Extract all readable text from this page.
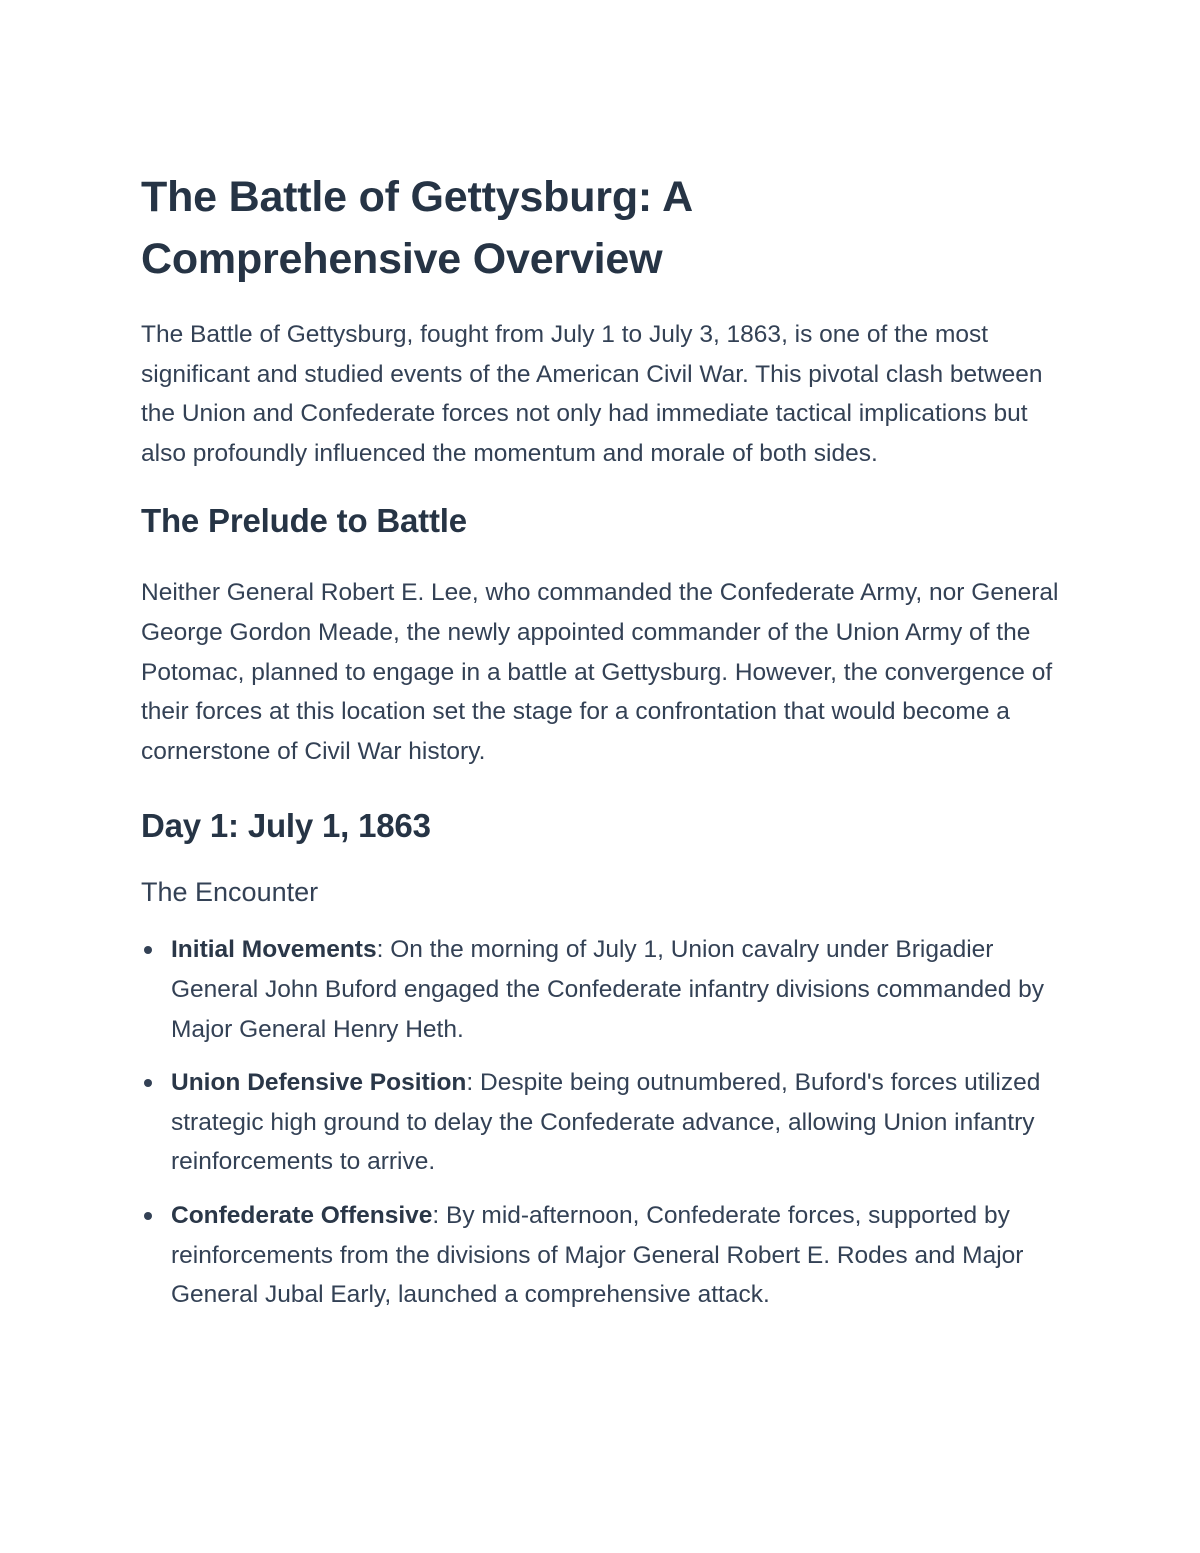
The Battle of Gettysburg: A
Comprehensive Overview

The Battle of Gettysburg, fought from July 1 to July 3, 1863, is one of the most significant and studied events of the American Civil War. This pivotal clash between the Union and Confederate forces not only had immediate tactical implications but also profoundly influenced the momentum and morale of both sides.

The Prelude to Battle

Neither General Robert E. Lee, who commanded the Confederate Army, nor General George Gordon Meade, the newly appointed commander of the Union Army of the Potomac, planned to engage in a battle at Gettysburg. However, the convergence of their forces at this location set the stage for a confrontation that would become a cornerstone of Civil War history.

Day 1: July 1, 1863
The Encounter
Initial Movements: On the morning of July 1, Union cavalry under Brigadier General John Buford engaged the Confederate infantry divisions commanded by Major General Henry Heth.
Union Defensive Position: Despite being outnumbered, Buford's forces utilized strategic high ground to delay the Confederate advance, allowing Union infantry reinforcements to arrive.
Confederate Offensive: By mid-afternoon, Confederate forces, supported by reinforcements from the divisions of Major General Robert E. Rodes and Major General Jubal Early, launched a comprehensive attack.
